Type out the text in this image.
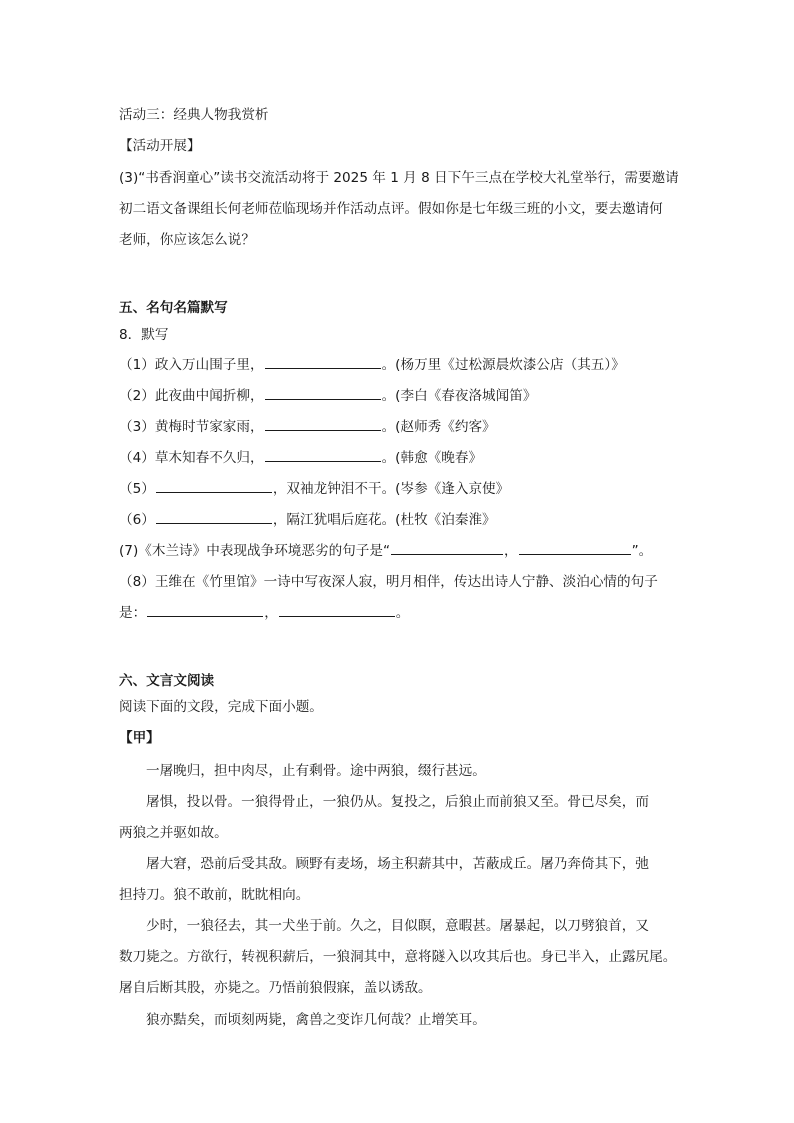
活动三：经典人物我赏析
【活动开展】
(3)“书香润童心”读书交流活动将于 2025 年 1 月 8 日下午三点在学校大礼堂举行，需要邀请
初二语文备课组长何老师莅临现场并作活动点评。假如你是七年级三班的小文，要去邀请何
老师，你应该怎么说？
五、名句名篇默写
8．默写
（1）政入万山围子里，	。(杨万里《过松源晨炊漆公店（其五）》
（2）此夜曲中闻折柳，	。(李白《春夜洛城闻笛》
（3）黄梅时节家家雨，	。(赵师秀《约客》
（4）草木知春不久归，	。(韩愈《晚春》
（5）	，双袖龙钟泪不干。(岑参《逢入京使》
（6）	，隔江犹唱后庭花。(杜牧《泊秦淮》
(7)《木兰诗》中表现战争环境恶劣的句子是“	，	”。
（8）王维在《竹里馆》一诗中写夜深人寂，明月相伴，传达出诗人宁静、淡泊心情的句子
是：	，	。
六、文言文阅读
阅读下面的文段，完成下面小题。
【甲】
一屠晚归，担中肉尽，止有剩骨。途中两狼，缀行甚远。
屠惧，投以骨。一狼得骨止，一狼仍从。复投之，后狼止而前狼又至。骨已尽矣，而
两狼之并驱如故。
屠大窘，恐前后受其敌。顾野有麦场，场主积薪其中，苫蔽成丘。屠乃奔倚其下，弛
担持刀。狼不敢前，眈眈相向。
少时，一狼径去，其一犬坐于前。久之，目似瞑，意暇甚。屠暴起，以刀劈狼首，又
数刀毙之。方欲行，转视积薪后，一狼洞其中，意将隧入以攻其后也。身已半入，止露尻尾。
屠自后断其股，亦毙之。乃悟前狼假寐，盖以诱敌。
狼亦黠矣，而顷刻两毙，禽兽之变诈几何哉？止增笑耳。
